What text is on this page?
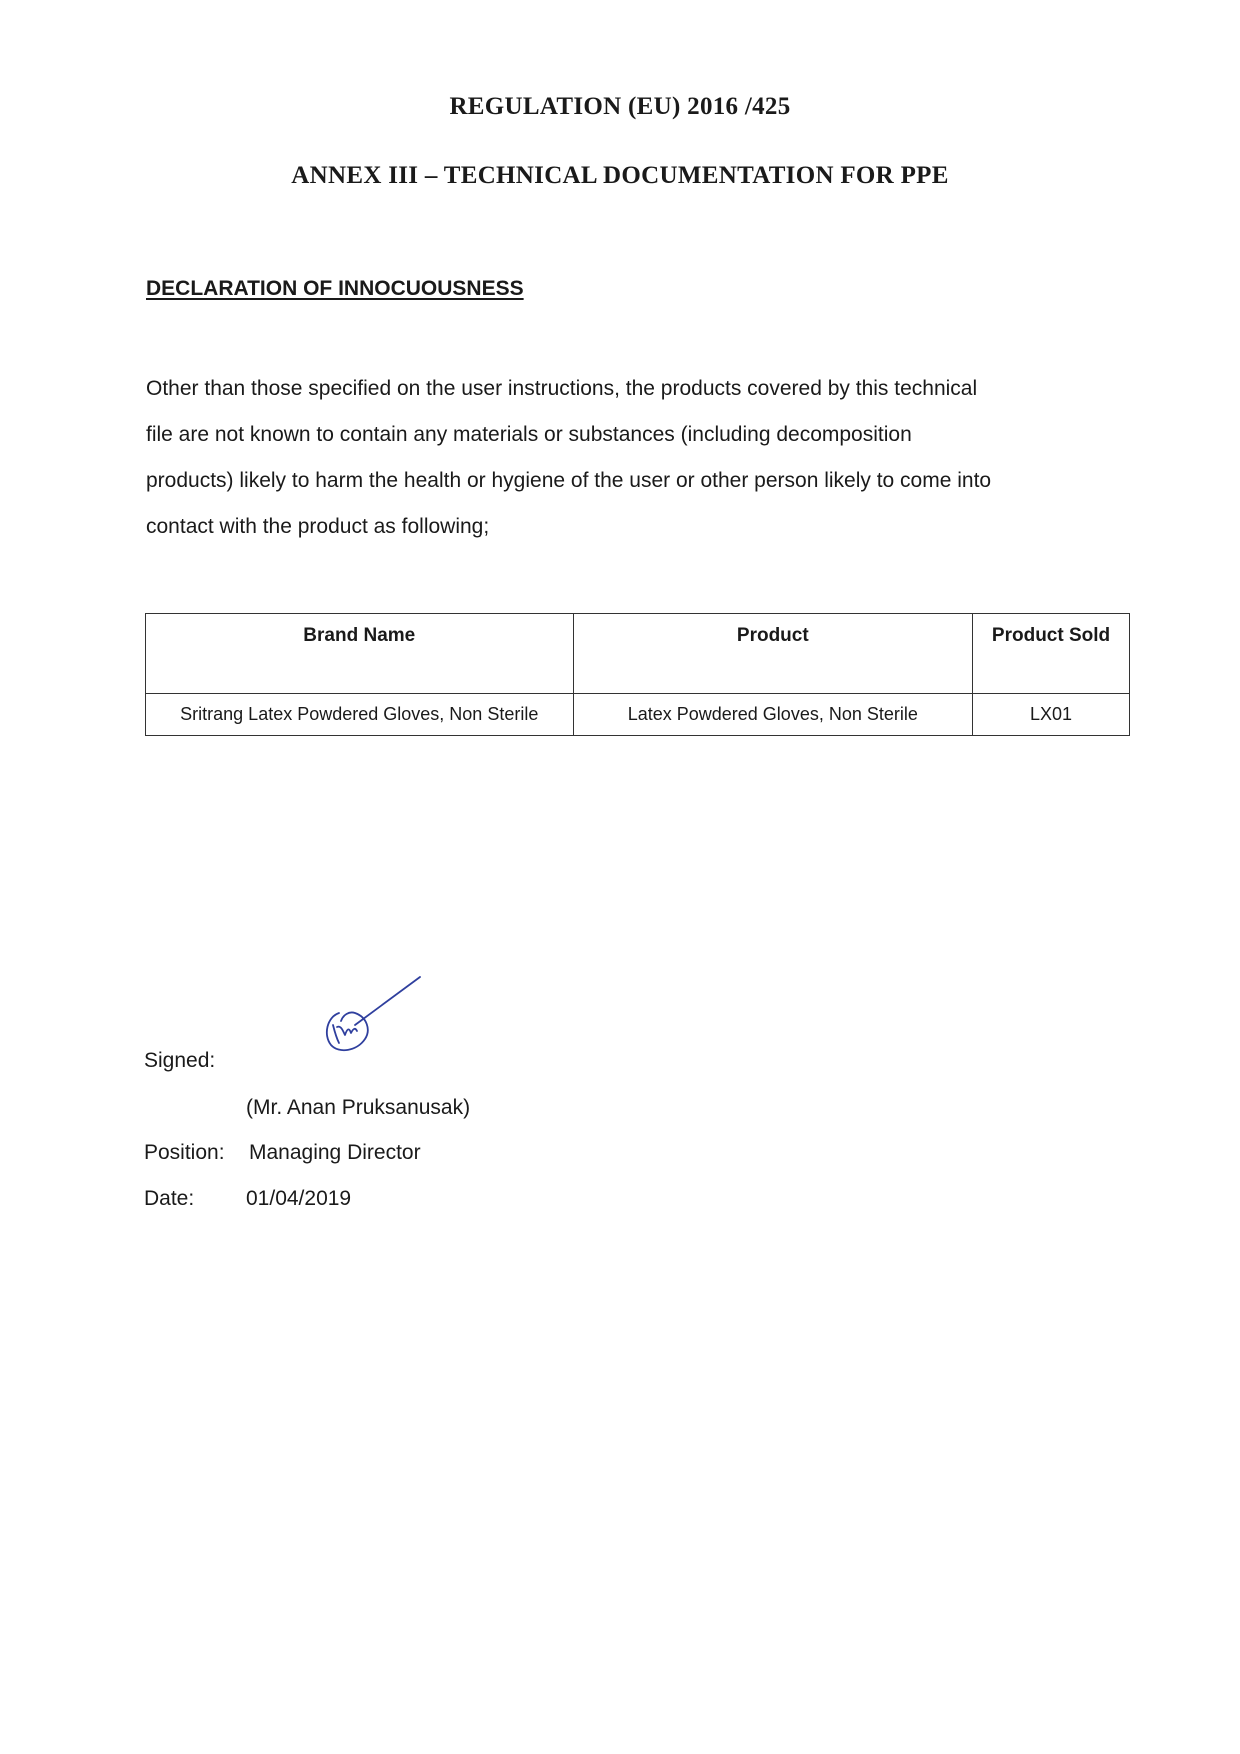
REGULATION (EU) 2016 /425
ANNEX III – TECHNICAL DOCUMENTATION FOR PPE
DECLARATION OF INNOCUOUSNESS

Other than those specified on the user instructions, the products covered by this technical
file are not known to contain any materials or substances (including decomposition
products) likely to harm the health or hygiene of the user or other person likely to come into
contact with the product as following;

Brand Name	Product	Product Sold
Sritrang Latex Powdered Gloves, Non Sterile	Latex Powdered Gloves, Non Sterile	LX01

Signed:

(Mr. Anan Pruksanusak)

Position: Managing Director

Date: 01/04/2019
